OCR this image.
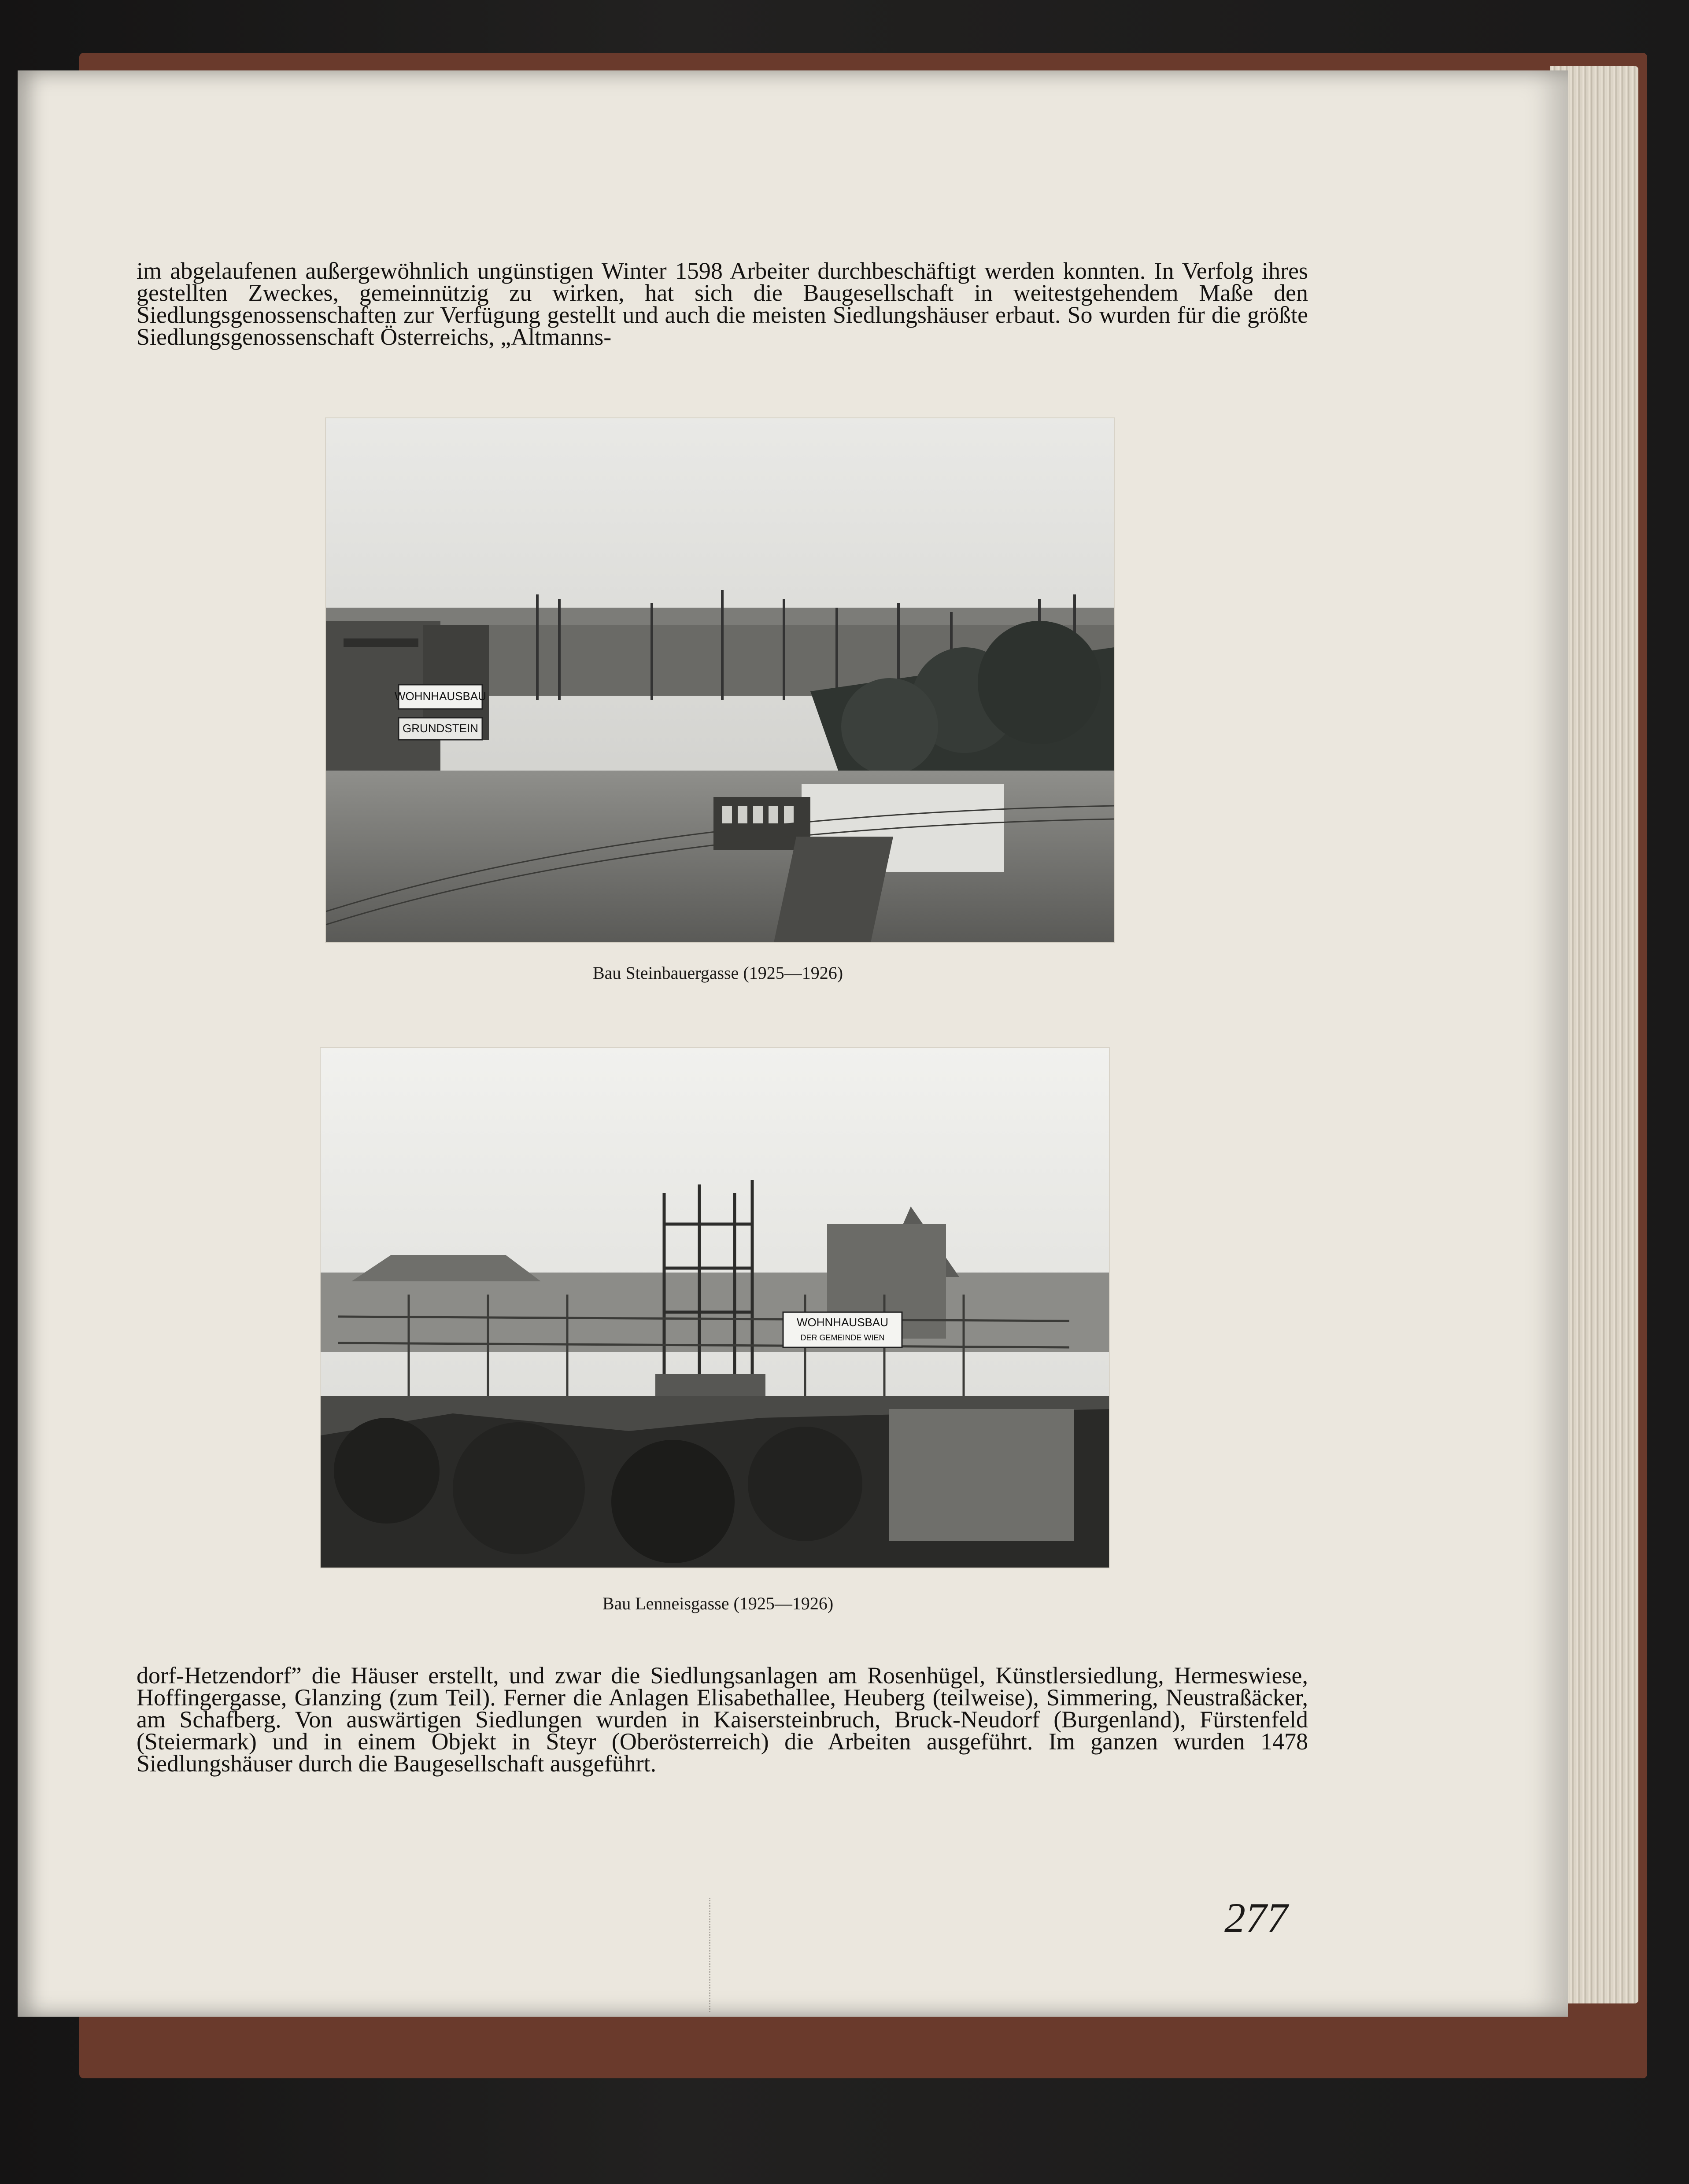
im abgelaufenen außergewöhnlich ungünstigen Winter 1598 Arbeiter durchbeschäftigt werden konnten. In Verfolg ihres gestellten Zweckes, gemeinnützig zu wirken, hat sich die Baugesellschaft in weitestgehendem Maße den Siedlungsgenossenschaften zur Verfügung gestellt und auch die meisten Siedlungshäuser erbaut. So wurden für die größte Siedlungsgenossenschaft Österreichs, „Altmanns-

WOHNHAUSBAU
GRUNDSTEIN
Bau Steinbauergasse (1925—1926)
WOHNHAUSBAU
DER GEMEINDE WIEN
Bau Lenneisgasse (1925—1926)

dorf-Hetzendorf” die Häuser erstellt, und zwar die Siedlungsanlagen am Rosenhügel, Künstlersiedlung, Hermeswiese, Hoffingergasse, Glanzing (zum Teil). Ferner die Anlagen Elisabethallee, Heuberg (teilweise), Simmering, Neustraßäcker, am Schafberg. Von auswärtigen Siedlungen wurden in Kaisersteinbruch, Bruck-Neudorf (Burgenland), Fürstenfeld (Steiermark) und in einem Objekt in Steyr (Oberösterreich) die Arbeiten ausgeführt. Im ganzen wurden 1478 Siedlungshäuser durch die Baugesellschaft ausgeführt.

277
